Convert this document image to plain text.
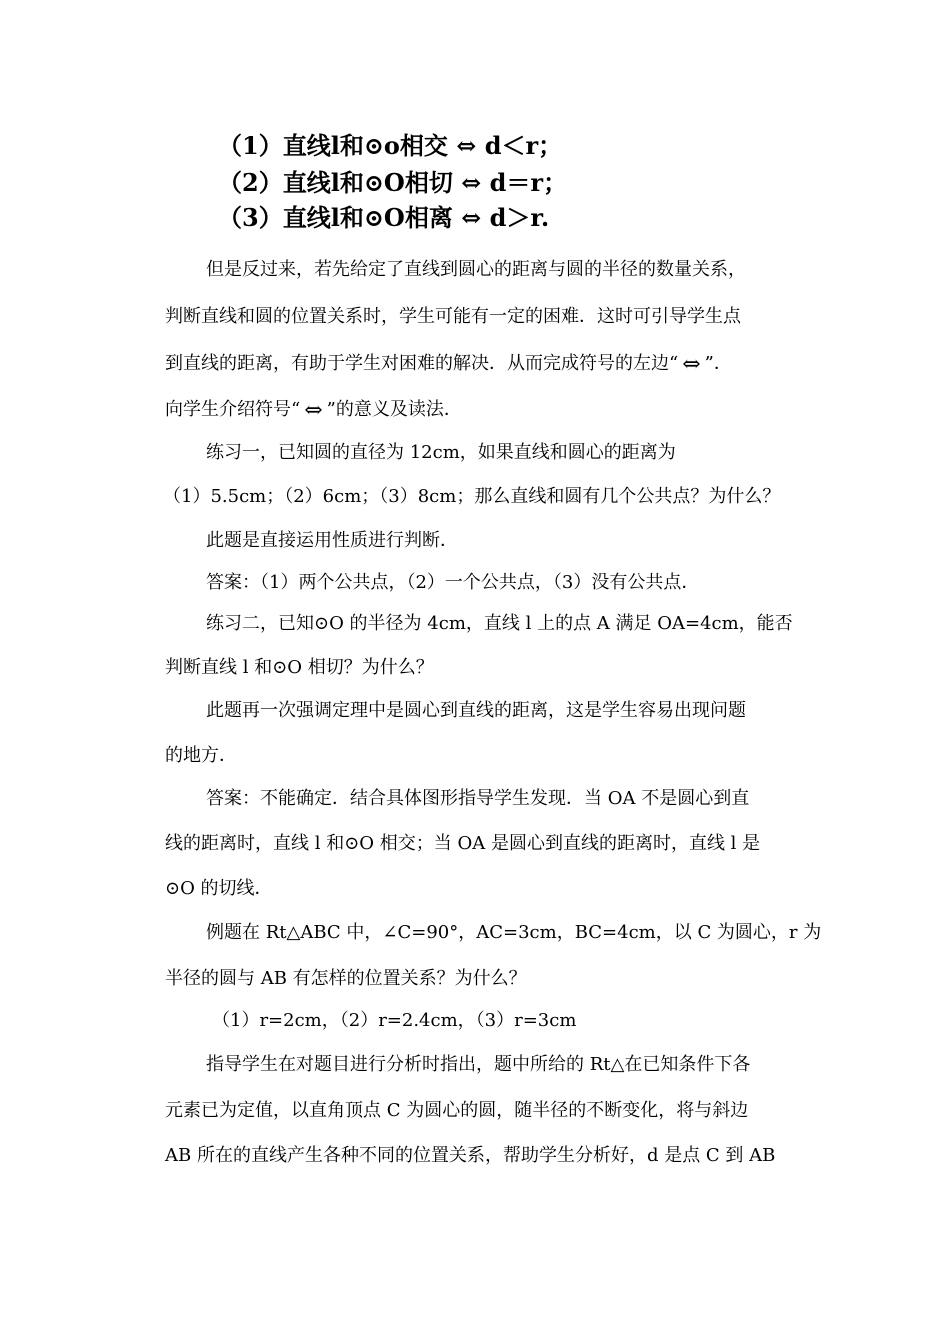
（1）直线l和⊙o相交 ⇔ d＜r；
（2）直线l和⊙O相切 ⇔ d＝r；
（3）直线l和⊙O相离 ⇔ d＞r.
但是反过来，若先给定了直线到圆心的距离与圆的半径的数量关系，
判断直线和圆的位置关系时，学生可能有一定的困难．这时可引导学生点
到直线的距离，有助于学生对困难的解决．从而完成符号的左边“ ⇔ ”．
向学生介绍符号“ ⇔ ”的意义及读法．
练习一，已知圆的直径为 12cm，如果直线和圆心的距离为
（1）5.5cm；（2）6cm；（3）8cm；那么直线和圆有几个公共点？为什么？
此题是直接运用性质进行判断．
答案：（1）两个公共点，（2）一个公共点，（3）没有公共点．
练习二，已知⊙O 的半径为 4cm，直线 l 上的点 A 满足 OA=4cm，能否
判断直线 l 和⊙O 相切？为什么？
此题再一次强调定理中是圆心到直线的距离，这是学生容易出现问题
的地方．
答案：不能确定．结合具体图形指导学生发现．当 OA 不是圆心到直
线的距离时，直线 l 和⊙O 相交；当 OA 是圆心到直线的距离时，直线 l 是
⊙O 的切线．
例题在 Rt△ABC 中，∠C=90°，AC=3cm，BC=4cm，以 C 为圆心，r 为
半径的圆与 AB 有怎样的位置关系？为什么？
（1）r=2cm，（2）r=2.4cm，（3）r=3cm
指导学生在对题目进行分析时指出，题中所给的 Rt△在已知条件下各
元素已为定值，以直角顶点 C 为圆心的圆，随半径的不断变化，将与斜边
AB 所在的直线产生各种不同的位置关系，帮助学生分析好，d 是点 C 到 AB
